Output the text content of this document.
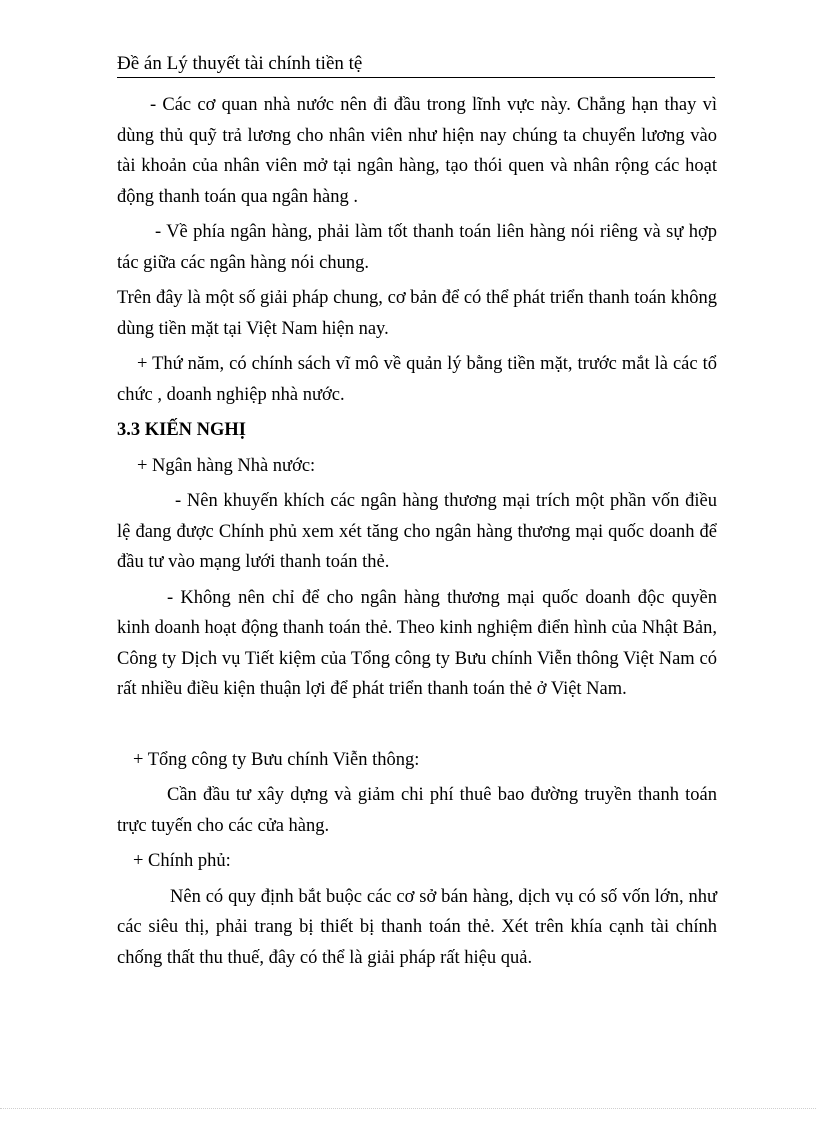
Đề án Lý thuyết tài chính tiền tệ

- Các cơ quan nhà nước nên đi đầu trong lĩnh vực này. Chẳng hạn thay vì dùng thủ quỹ trả lương cho nhân viên như hiện nay chúng ta chuyển lương vào tài khoản của nhân viên mở tại ngân hàng, tạo thói quen và nhân rộng các hoạt động thanh toán qua ngân hàng .

- Về phía ngân hàng, phải làm tốt thanh toán liên hàng nói riêng và sự hợp tác giữa các ngân hàng nói chung.

Trên đây là một số giải pháp chung, cơ bản để có thể phát triển thanh toán không dùng tiền mặt tại Việt Nam hiện nay.

+ Thứ năm, có chính sách vĩ mô về quản lý bằng tiền mặt, trước mắt là các tổ chức , doanh nghiệp nhà nước.

3.3 KIẾN NGHỊ

+ Ngân hàng Nhà nước:

- Nên khuyến khích các ngân hàng thương mại trích một phần vốn điều lệ đang được Chính phủ xem xét tăng cho ngân hàng thương mại quốc doanh để đầu tư vào mạng lưới thanh toán thẻ.

- Không nên chỉ để cho ngân hàng thương mại quốc doanh độc quyền kinh doanh hoạt động thanh toán thẻ. Theo kinh nghiệm điển hình của Nhật Bản, Công ty Dịch vụ Tiết kiệm của Tổng công ty Bưu chính Viễn thông Việt Nam có rất nhiều điều kiện thuận lợi để phát triển thanh toán thẻ ở Việt Nam.

+ Tổng công ty Bưu chính Viễn thông:

Cần đầu tư xây dựng và giảm chi phí thuê bao đường truyền thanh toán trực tuyến cho các cửa hàng.

+ Chính phủ:

Nên có quy định bắt buộc các cơ sở bán hàng, dịch vụ có số vốn lớn, như các siêu thị, phải trang bị thiết bị thanh toán thẻ. Xét trên khía cạnh tài chính chống thất thu thuế, đây có thể là giải pháp rất hiệu quả.
